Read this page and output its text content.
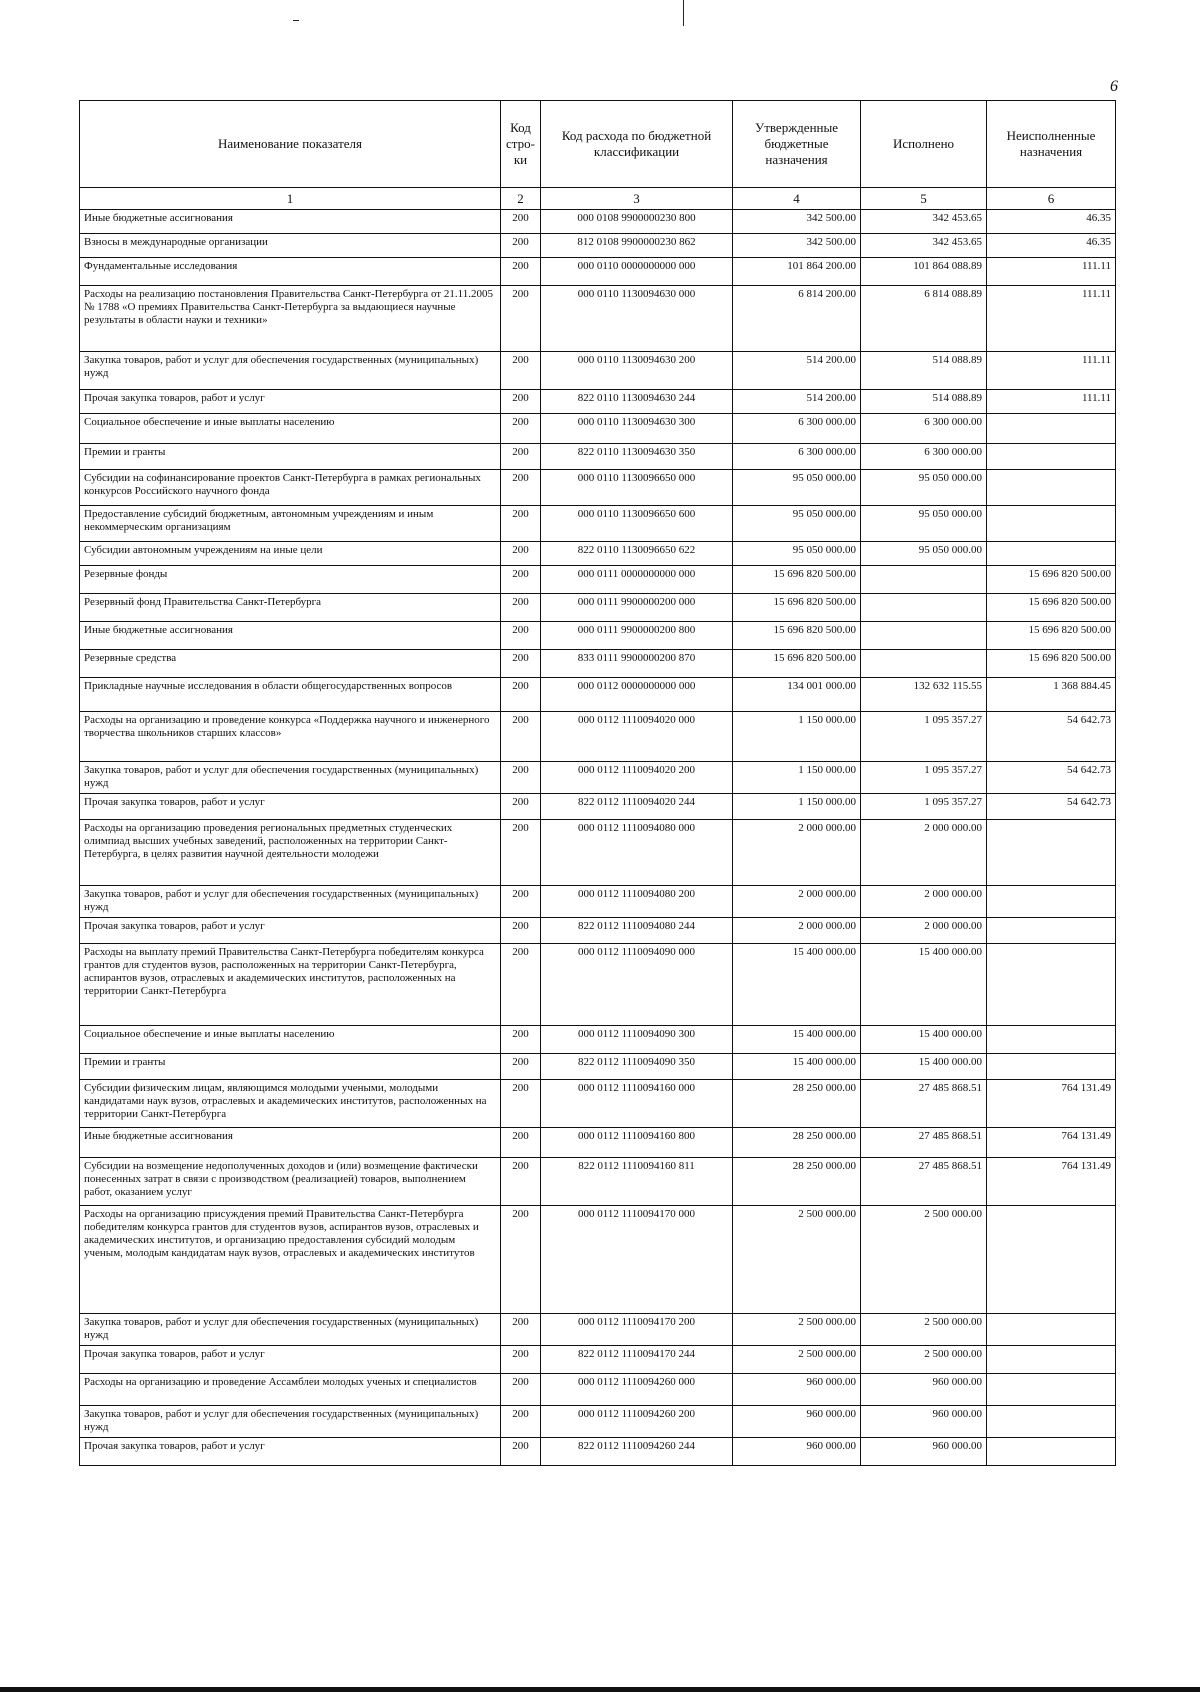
6
Наименование показателя	Код стро-ки	Код расхода по бюджетной классификации	Утвержденные бюджетные назначения	Исполнено	Неисполненные назначения
1	2	3	4	5	6
Иные бюджетные ассигнования	200	000 0108 9900000230 800	342 500.00	342 453.65	46.35
Взносы в международные организации	200	812 0108 9900000230 862	342 500.00	342 453.65	46.35
Фундаментальные исследования	200	000 0110 0000000000 000	101 864 200.00	101 864 088.89	111.11
Расходы на реализацию постановления Правительства Санкт-Петербурга от 21.11.2005 № 1788 «О премиях Правительства Санкт-Петербурга за выдающиеся научные результаты в области науки и техники»	200	000 0110 1130094630 000	6 814 200.00	6 814 088.89	111.11
Закупка товаров, работ и услуг для обеспечения государственных (муниципальных) нужд	200	000 0110 1130094630 200	514 200.00	514 088.89	111.11
Прочая закупка товаров, работ и услуг	200	822 0110 1130094630 244	514 200.00	514 088.89	111.11
Социальное обеспечение и иные выплаты населению	200	000 0110 1130094630 300	6 300 000.00	6 300 000.00	
Премии и гранты	200	822 0110 1130094630 350	6 300 000.00	6 300 000.00	
Субсидии на софинансирование проектов Санкт-Петербурга в рамках региональных конкурсов Российского научного фонда	200	000 0110 1130096650 000	95 050 000.00	95 050 000.00	
Предоставление субсидий бюджетным, автономным учреждениям и иным некоммерческим организациям	200	000 0110 1130096650 600	95 050 000.00	95 050 000.00	
Субсидии автономным учреждениям на иные цели	200	822 0110 1130096650 622	95 050 000.00	95 050 000.00	
Резервные фонды	200	000 0111 0000000000 000	15 696 820 500.00		15 696 820 500.00
Резервный фонд Правительства Санкт-Петербурга	200	000 0111 9900000200 000	15 696 820 500.00		15 696 820 500.00
Иные бюджетные ассигнования	200	000 0111 9900000200 800	15 696 820 500.00		15 696 820 500.00
Резервные средства	200	833 0111 9900000200 870	15 696 820 500.00		15 696 820 500.00
Прикладные научные исследования в области общегосударственных вопросов	200	000 0112 0000000000 000	134 001 000.00	132 632 115.55	1 368 884.45
Расходы на организацию и проведение конкурса «Поддержка научного и инженерного творчества школьников старших классов»	200	000 0112 1110094020 000	1 150 000.00	1 095 357.27	54 642.73
Закупка товаров, работ и услуг для обеспечения государственных (муниципальных) нужд	200	000 0112 1110094020 200	1 150 000.00	1 095 357.27	54 642.73
Прочая закупка товаров, работ и услуг	200	822 0112 1110094020 244	1 150 000.00	1 095 357.27	54 642.73
Расходы на организацию проведения региональных предметных студенческих олимпиад высших учебных заведений, расположенных на территории Санкт-Петербурга, в целях развития научной деятельности молодежи	200	000 0112 1110094080 000	2 000 000.00	2 000 000.00	
Закупка товаров, работ и услуг для обеспечения государственных (муниципальных) нужд	200	000 0112 1110094080 200	2 000 000.00	2 000 000.00	
Прочая закупка товаров, работ и услуг	200	822 0112 1110094080 244	2 000 000.00	2 000 000.00	
Расходы на выплату премий Правительства Санкт-Петербурга победителям конкурса грантов для студентов вузов, расположенных на территории Санкт-Петербурга, аспирантов вузов, отраслевых и академических институтов, расположенных на территории Санкт-Петербурга	200	000 0112 1110094090 000	15 400 000.00	15 400 000.00	
Социальное обеспечение и иные выплаты населению	200	000 0112 1110094090 300	15 400 000.00	15 400 000.00	
Премии и гранты	200	822 0112 1110094090 350	15 400 000.00	15 400 000.00	
Субсидии физическим лицам, являющимся молодыми учеными, молодыми кандидатами наук вузов, отраслевых и академических институтов, расположенных на территории Санкт-Петербурга	200	000 0112 1110094160 000	28 250 000.00	27 485 868.51	764 131.49
Иные бюджетные ассигнования	200	000 0112 1110094160 800	28 250 000.00	27 485 868.51	764 131.49
Субсидии на возмещение недополученных доходов и (или) возмещение фактически понесенных затрат в связи с производством (реализацией) товаров, выполнением работ, оказанием услуг	200	822 0112 1110094160 811	28 250 000.00	27 485 868.51	764 131.49
Расходы на организацию присуждения премий Правительства Санкт-Петербурга победителям конкурса грантов для студентов вузов, аспирантов вузов, отраслевых и академических институтов, и организацию предоставления субсидий молодым ученым, молодым кандидатам наук вузов, отраслевых и академических институтов	200	000 0112 1110094170 000	2 500 000.00	2 500 000.00	
Закупка товаров, работ и услуг для обеспечения государственных (муниципальных) нужд	200	000 0112 1110094170 200	2 500 000.00	2 500 000.00	
Прочая закупка товаров, работ и услуг	200	822 0112 1110094170 244	2 500 000.00	2 500 000.00	
Расходы на организацию и проведение Ассамблеи молодых ученых и специалистов	200	000 0112 1110094260 000	960 000.00	960 000.00	
Закупка товаров, работ и услуг для обеспечения государственных (муниципальных) нужд	200	000 0112 1110094260 200	960 000.00	960 000.00	
Прочая закупка товаров, работ и услуг	200	822 0112 1110094260 244	960 000.00	960 000.00	
